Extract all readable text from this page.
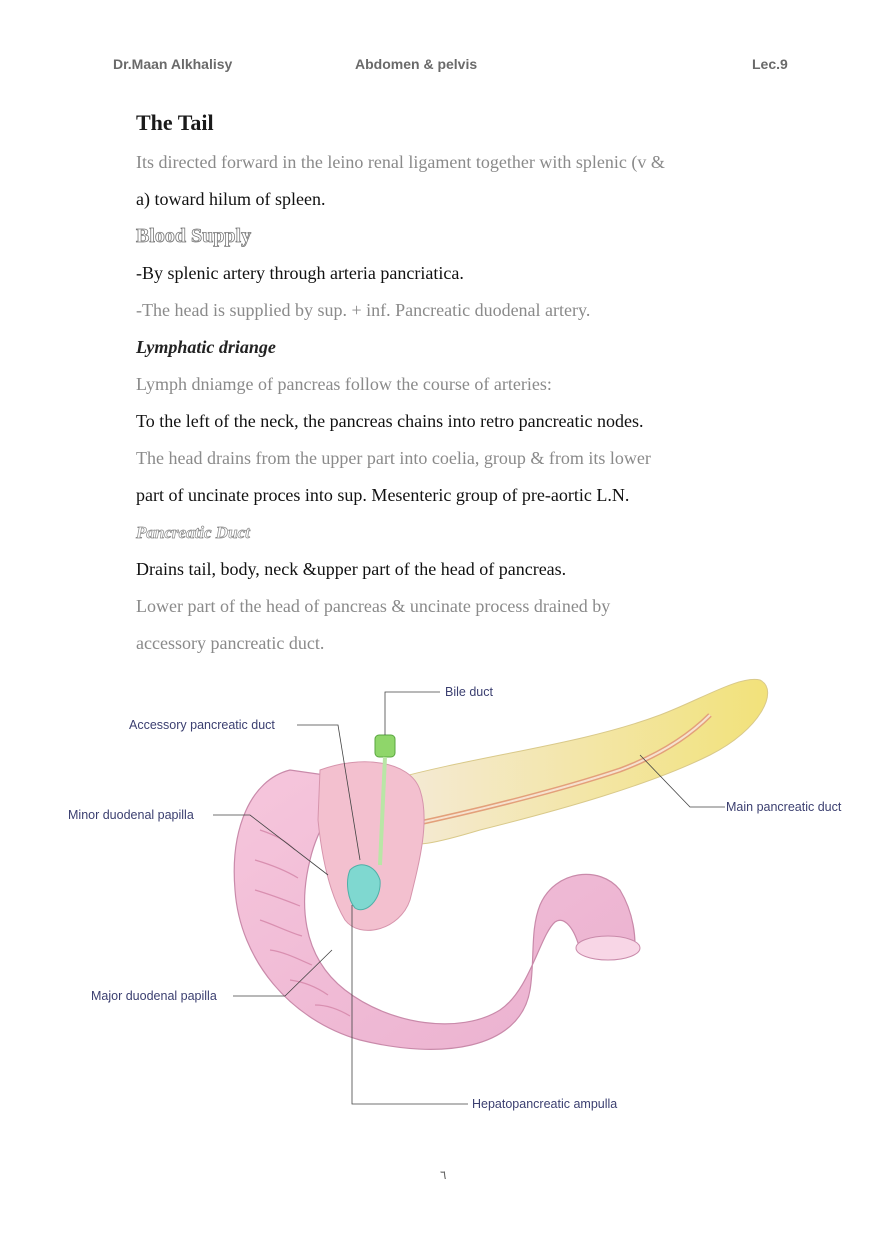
Dr.Maan Alkhalisy	Abdomen & pelvis	Lec.9

The Tail

Its directed forward in the leino renal ligament together with splenic (v &

a) toward hilum of spleen.

Blood Supply

-By splenic artery through arteria pancriatica.

-The head is supplied by sup. + inf. Pancreatic duodenal artery.

Lymphatic driange

Lymph dniamge of pancreas follow the course of arteries:

To the left of the neck, the pancreas chains into retro pancreatic nodes.

The head drains from the upper part into coelia, group & from its lower

part of uncinate proces into sup. Mesenteric group of pre-aortic L.N.

Pancreatic Duct

Drains tail, body, neck &upper part of the head of pancreas.

Lower part of the head of pancreas & uncinate process drained by

accessory pancreatic duct.

Bile duct
Accessory pancreatic duct
Minor duodenal papilla
Main pancreatic duct
Major duodenal papilla
Hepatopancreatic ampulla
٦
